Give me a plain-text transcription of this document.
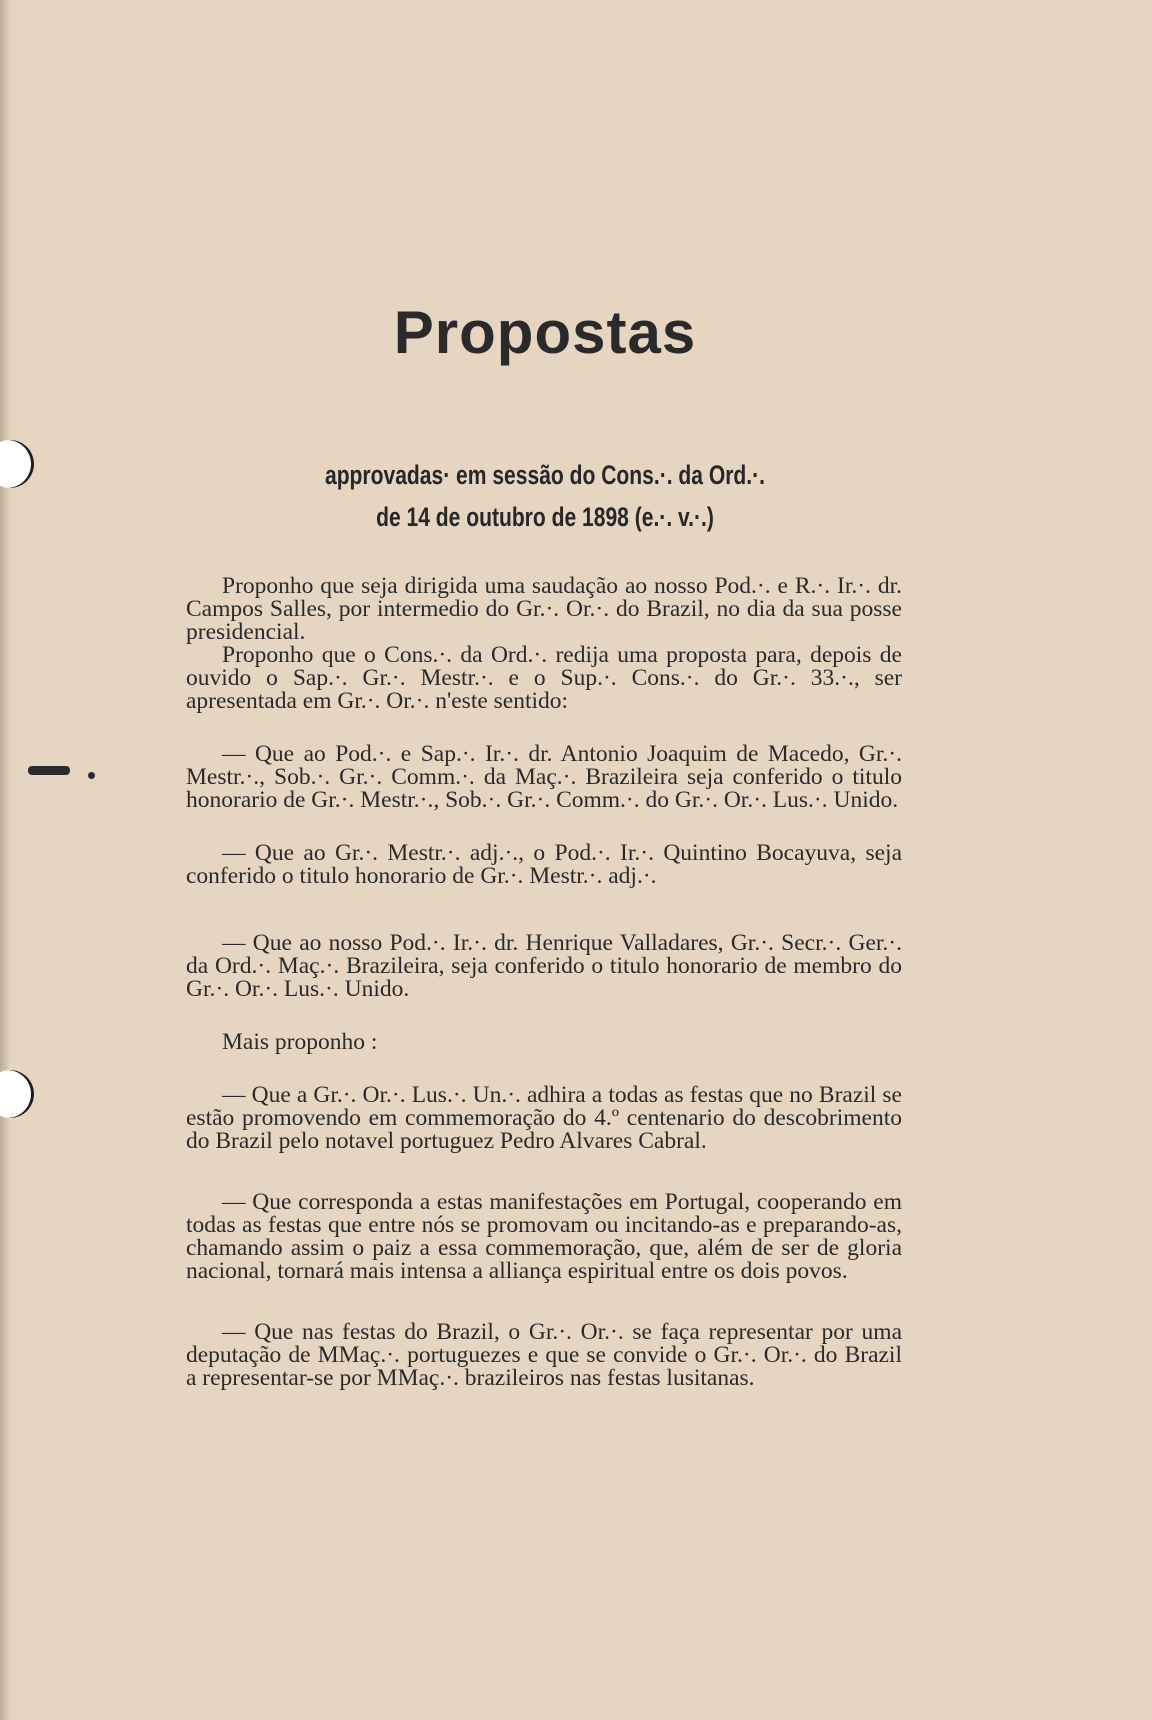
Propostas
approvadas· em sessão do Cons.·. da Ord.·.
de 14 de outubro de 1898 (e.·. v.·.)

Proponho que seja dirigida uma saudação ao nosso Pod.·. e R.·. Ir.·. dr. Campos Salles, por intermedio do Gr.·. Or.·. do Brazil, no dia da sua posse presidencial.

Proponho que o Cons.·. da Ord.·. redija uma proposta para, depois de ouvido o Sap.·. Gr.·. Mestr.·. e o Sup.·. Cons.·. do Gr.·. 33.·., ser apresentada em Gr.·. Or.·. n'este sentido:

— Que ao Pod.·. e Sap.·. Ir.·. dr. Antonio Joaquim de Macedo, Gr.·. Mestr.·., Sob.·. Gr.·. Comm.·. da Maç.·. Brazileira seja conferido o titulo honorario de Gr.·. Mestr.·., Sob.·. Gr.·. Comm.·. do Gr.·. Or.·. Lus.·. Unido.

— Que ao Gr.·. Mestr.·. adj.·., o Pod.·. Ir.·. Quintino Bocayuva, seja conferido o titulo honorario de Gr.·. Mestr.·. adj.·.

— Que ao nosso Pod.·. Ir.·. dr. Henrique Valladares, Gr.·. Secr.·. Ger.·. da Ord.·. Maç.·. Brazileira, seja conferido o titulo honorario de membro do Gr.·. Or.·. Lus.·. Unido.

Mais proponho :

— Que a Gr.·. Or.·. Lus.·. Un.·. adhira a todas as festas que no Brazil se estão promovendo em commemoração do 4.º centenario do descobrimento do Brazil pelo notavel portuguez Pedro Alvares Cabral.

— Que corresponda a estas manifestações em Portugal, cooperando em todas as festas que entre nós se promovam ou incitando-as e preparando-as, chamando assim o paiz a essa commemoração, que, além de ser de gloria nacional, tornará mais intensa a alliança espiritual entre os dois povos.

— Que nas festas do Brazil, o Gr.·. Or.·. se faça representar por uma deputação de MMaç.·. portuguezes e que se convide o Gr.·. Or.·. do Brazil a representar-se por MMaç.·. brazileiros nas festas lusitanas.
